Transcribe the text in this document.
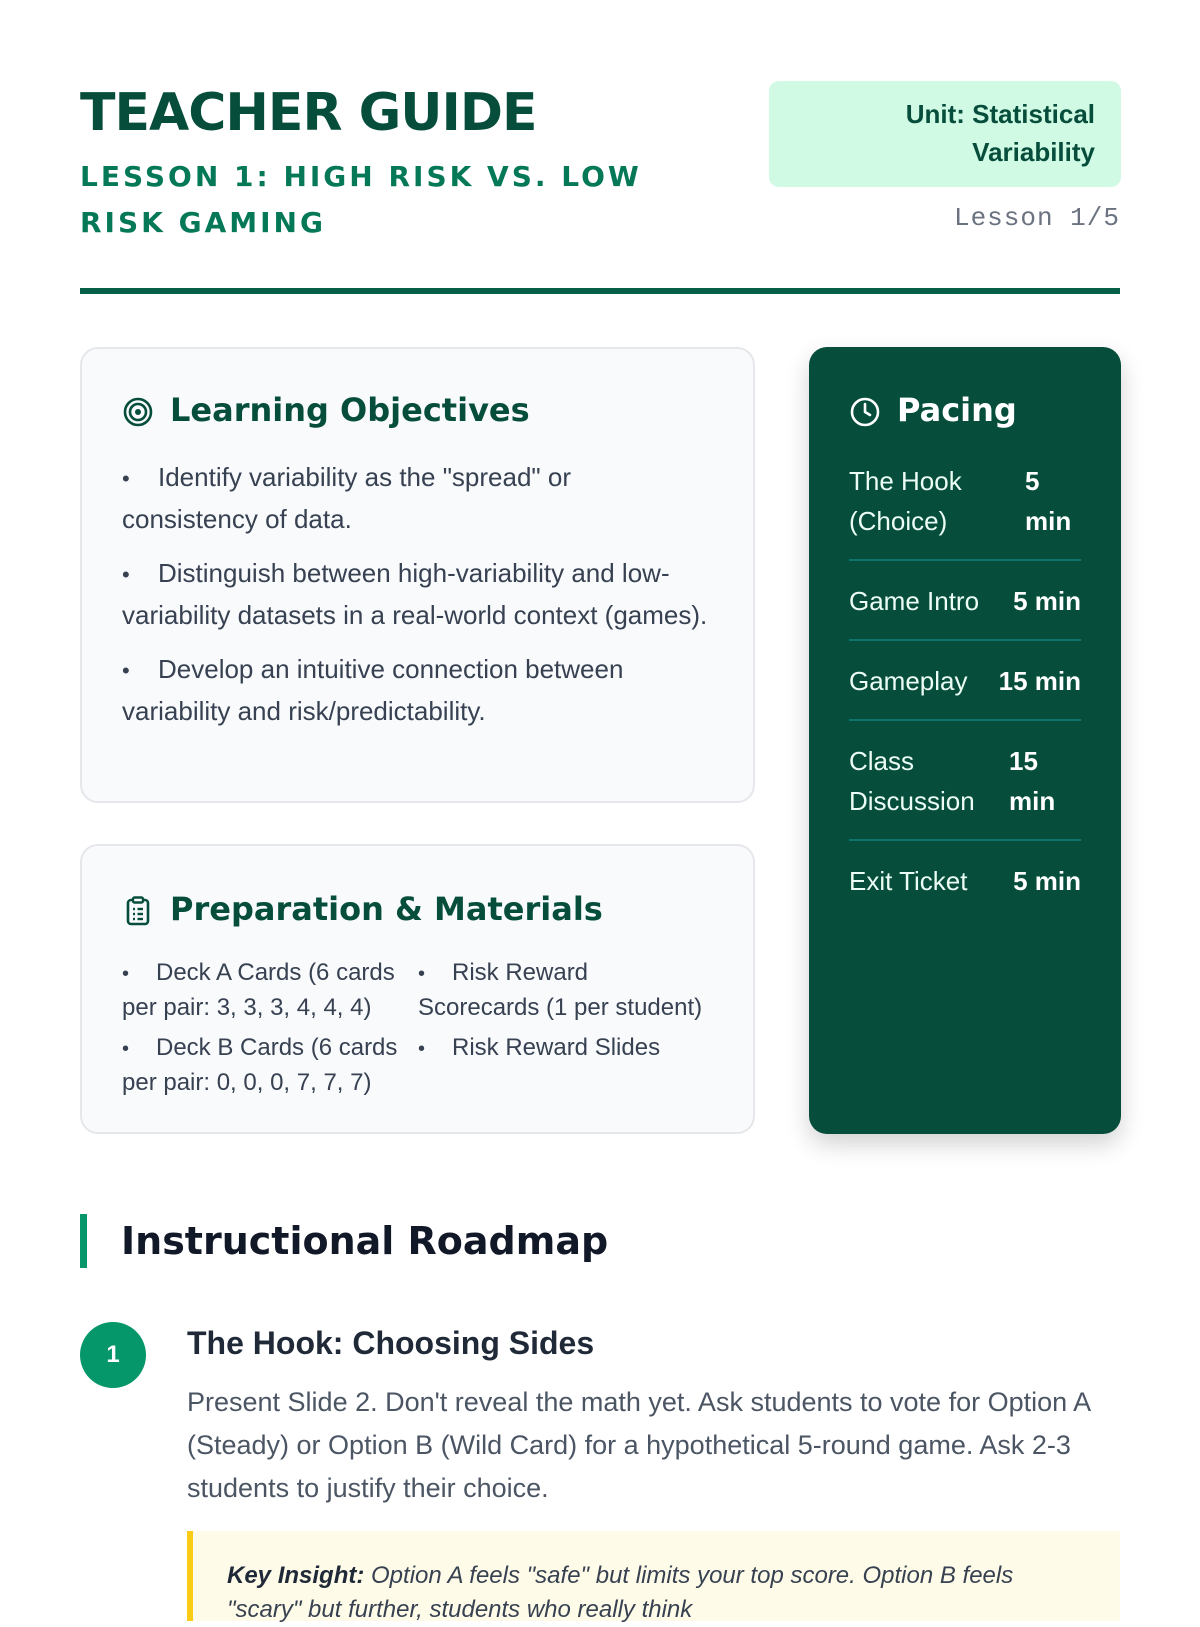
TEACHER GUIDE
LESSON 1: HIGH RISK VS. LOW RISK GAMING
Unit: Statistical Variability
Lesson 1/5
Learning Objectives
• Identify variability as the "spread" or consistency of data.
• Distinguish between high-variability and low-variability datasets in a real-world context (games).
• Develop an intuitive connection between variability and risk/predictability.
Preparation & Materials
• Deck A Cards (6 cards per pair: 3, 3, 3, 4, 4, 4)
• Deck B Cards (6 cards per pair: 0, 0, 0, 7, 7, 7)
• Risk Reward Scorecards (1 per student)
• Risk Reward Slides
Pacing
The Hook (Choice)
5 min
Game Intro 5 min
Gameplay 15 min
Class Discussion
15 min
Exit Ticket 5 min
Instructional Roadmap
1	The Hook: Choosing Sides

Present Slide 2. Don't reveal the math yet. Ask students to vote for Option A (Steady) or Option B (Wild Card) for a hypothetical 5-round game. Ask 2-3 students to justify their choice.

Key Insight: Option A feels "safe" but limits your top score. Option B feels "scary" but further, students who really think
